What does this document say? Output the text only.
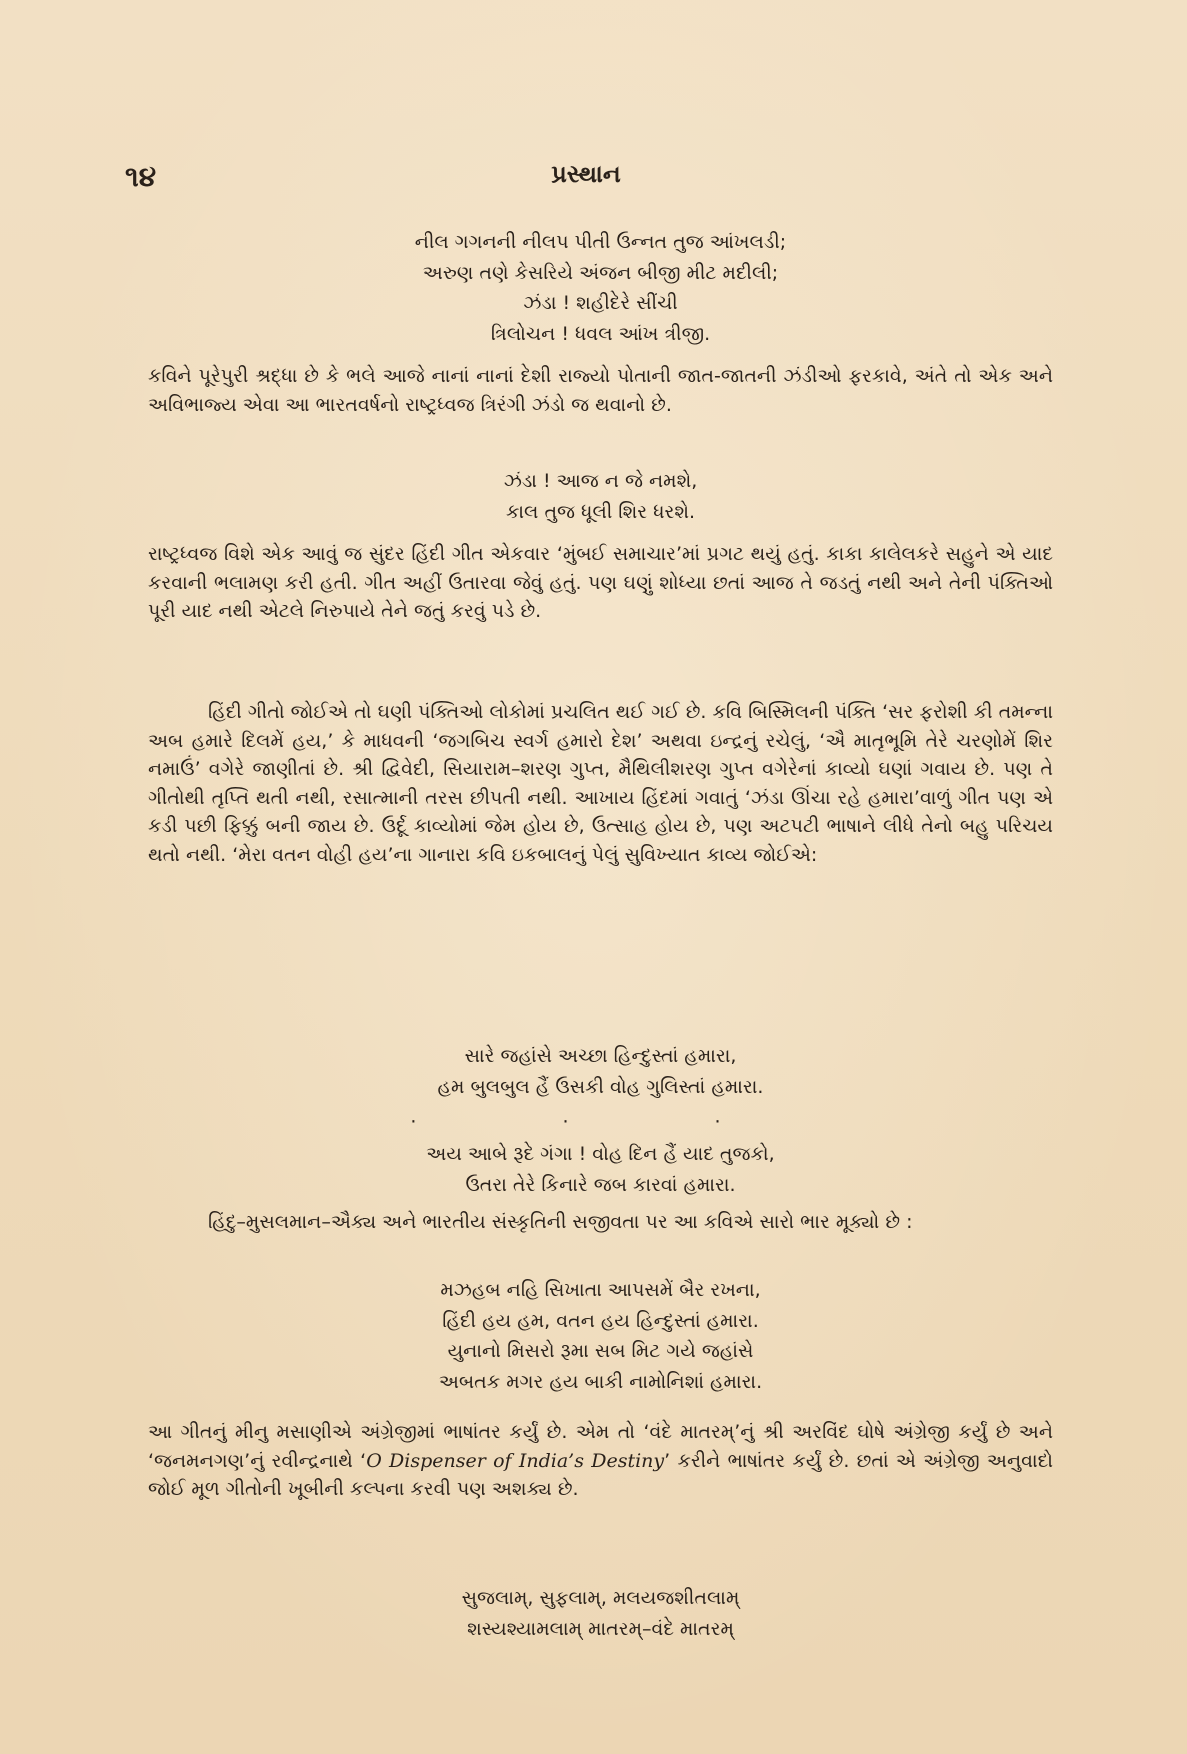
૧૪	પ્રસ્થાન
નીલ ગગનની નીલપ પીતી ઉન્નત તુજ આંખલડી;
અરુણ તણે કેસરિયે અંજન બીજી મીટ મદીલી;
ઝંડા ! શહીદેરે સીંચી
ત્રિલોચન ! ધવલ આંખ ત્રીજી.

કવિને પૂરેપુરી શ્રદ્ધા છે કે ભલે આજે નાનાં નાનાં દેશી રાજ્યો પોતાની જાત-જાતની ઝંડીઓ ફરકાવે, અંતે તો એક અને અવિભાજ્ય એવા આ ભારતવર્ષનો રાષ્ટ્રધ્વજ ત્રિરંગી ઝંડો જ થવાનો છે.

ઝંડા ! આજ ન જે નમશે,
કાલ તુજ ધૂલી શિર ધરશે.

રાષ્ટ્રધ્વજ વિશે એક આવું જ સુંદર હિંદી ગીત એકવાર ‘મુંબઈ સમાચાર’માં પ્રગટ થયું હતું. કાકા કાલેલકરે સહુને એ યાદ કરવાની ભલામણ કરી હતી. ગીત અહીં ઉતારવા જેવું હતું. પણ ઘણું શોધ્યા છતાં આજ તે જડતું નથી અને તેની પંક્તિઓ પૂરી યાદ નથી એટલે નિરુપાયે તેને જતું કરવું પડે છે.

હિંદી ગીતો જોઈએ તો ઘણી પંક્તિઓ લોકોમાં પ્રચલિત થઈ ગઈ છે. કવિ બિસ્મિલની પંક્તિ ‘સર ફરોશી કી તમન્ના અબ હમારે દિલમેં હય,’ કે માધવની ‘જગબિચ સ્વર્ગ હમારો દેશ’ અથવા ઇન્દ્રનું રચેલું, ‘ઐ માતૃભૂમિ તેરે ચરણોમેં શિર નમાઉં’ વગેરે જાણીતાં છે. શ્રી દ્વિવેદી, સિયારામ–શરણ ગુપ્ત, મૈથિલીશરણ ગુપ્ત વગેરેનાં કાવ્યો ઘણાં ગવાય છે. પણ તે ગીતોથી તૃપ્તિ થતી નથી, રસાત્માની તરસ છીપતી નથી. આખાય હિંદમાં ગવાતું ‘ઝંડા ઊંચા રહે હમારા’વાળું ગીત પણ એ કડી પછી ફિક્કું બની જાય છે. ઉર્દૂ કાવ્યોમાં જેમ હોય છે, ઉત્સાહ હોય છે, પણ અટપટી ભાષાને લીધે તેનો બહુ પરિચય થતો નથી. ‘મેરા વતન વોહી હય’ના ગાનારા કવિ ઇકબાલનું પેલું સુવિખ્યાત કાવ્ય જોઈએ:

સારે જહાંસે અચ્છા હિન્દુસ્તાં હમારા,
હમ બુલબુલ હૈં ઉસકી વોહ ગુલિસ્તાં હમારા.
· · ·
અય આબે રૂદે ગંગા ! વોહ દિન હૈં યાદ તુજકો,
ઉતરા તેરે કિનારે જબ કારવાં હમારા.

હિંદુ–મુસલમાન–ઐક્ય અને ભારતીય સંસ્કૃતિની સજીવતા પર આ કવિએ સારો ભાર મૂક્યો છે :

મઝહબ નહિ સિખાતા આપસમેં બૈર રખના,
હિંદી હય હમ, વતન હય હિન્દુસ્તાં હમારા.
યુનાનો મિસરો રૂમા સબ મિટ ગયે જહાંસે
અબતક મગર હય બાકી નામોનિશાં હમારા.

આ ગીતનું મીનુ મસાણીએ અંગ્રેજીમાં ભાષાંતર કર્યું છે. એમ તો ‘વંદે માતરમ્’નું શ્રી અરવિંદ ઘોષે અંગ્રેજી કર્યું છે અને ‘જનમનગણ’નું રવીન્દ્રનાથે ‘O Dispenser of India’s Destiny’ કરીને ભાષાંતર કર્યું છે. છતાં એ અંગ્રેજી અનુવાદો જોઈ મૂળ ગીતોની ખૂબીની કલ્પના કરવી પણ અશક્ય છે.

સુજલામ્, સુફલામ્, મલયજશીતલામ્
શસ્યશ્યામલામ્ માતરમ્–વંદે માતરમ્
